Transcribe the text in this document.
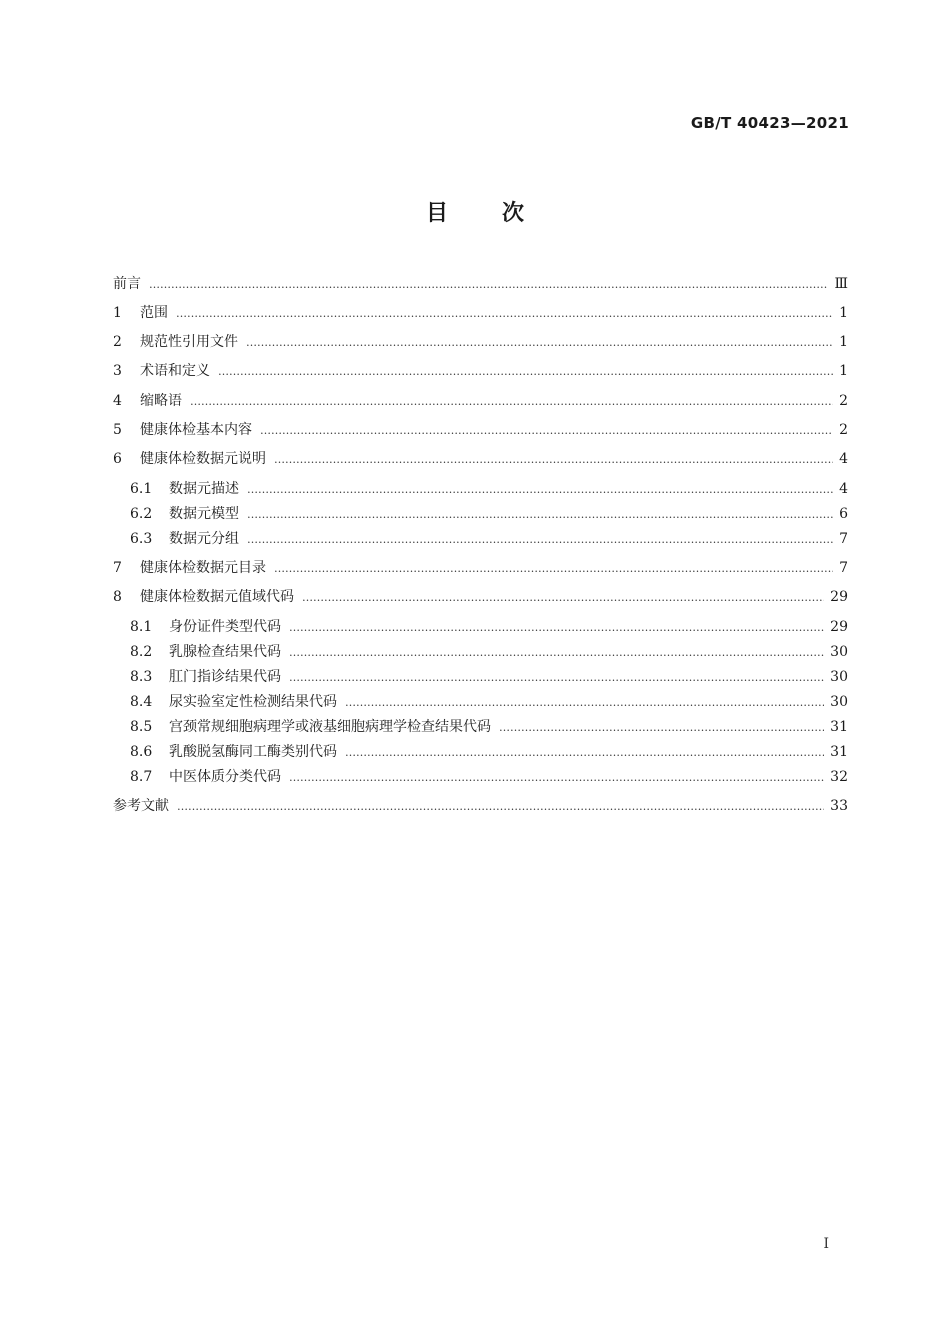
GB/T 40423—2021
目次
前言 …………………………………………………………………………………………………………………………………………………………………………………………………	Ⅲ
1	范围 …………………………………………………………………………………………………………………………………………………………………………………………………	1
2	规范性引用文件 …………………………………………………………………………………………………………………………………………………………………………………………………	1
3	术语和定义 …………………………………………………………………………………………………………………………………………………………………………………………………	1
4	缩略语 …………………………………………………………………………………………………………………………………………………………………………………………………	2
5	健康体检基本内容 …………………………………………………………………………………………………………………………………………………………………………………………………	2
6	健康体检数据元说明 …………………………………………………………………………………………………………………………………………………………………………………………………	4
6.1	数据元描述 …………………………………………………………………………………………………………………………………………………………………………………………………	4
6.2	数据元模型 …………………………………………………………………………………………………………………………………………………………………………………………………	6
6.3	数据元分组 …………………………………………………………………………………………………………………………………………………………………………………………………	7
7	健康体检数据元目录 …………………………………………………………………………………………………………………………………………………………………………………………………	7
8	健康体检数据元值域代码 …………………………………………………………………………………………………………………………………………………………………………………………………	29
8.1	身份证件类型代码 …………………………………………………………………………………………………………………………………………………………………………………………………	29
8.2	乳腺检查结果代码 …………………………………………………………………………………………………………………………………………………………………………………………………	30
8.3	肛门指诊结果代码 …………………………………………………………………………………………………………………………………………………………………………………………………	30
8.4	尿实验室定性检测结果代码 …………………………………………………………………………………………………………………………………………………………………………………………………	30
8.5	宫颈常规细胞病理学或液基细胞病理学检查结果代码 …………………………………………………………………………………………………………………………………………………………………………………………………	31
8.6	乳酸脱氢酶同工酶类别代码 …………………………………………………………………………………………………………………………………………………………………………………………………	31
8.7	中医体质分类代码 …………………………………………………………………………………………………………………………………………………………………………………………………	32
参考文献 …………………………………………………………………………………………………………………………………………………………………………………………………	33
I
